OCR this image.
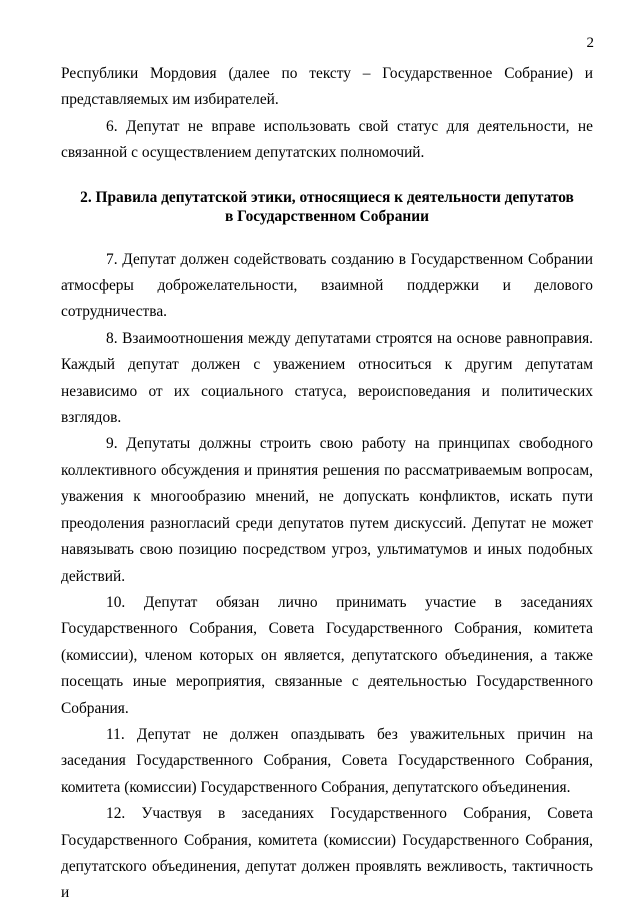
2

Республики Мордовия (далее по тексту – Государственное Собрание) и представляемых им избирателей.

6. Депутат не вправе использовать свой статус для деятельности, не связанной с осуществлением депутатских полномочий.

2. Правила депутатской этики, относящиеся к деятельности депутатов
в Государственном Собрании

7. Депутат должен содействовать созданию в Государственном Собрании атмосферы доброжелательности, взаимной поддержки и делового сотрудничества.

8. Взаимоотношения между депутатами строятся на основе равноправия. Каждый депутат должен с уважением относиться к другим депутатам независимо от их социального статуса, вероисповедания и политических взглядов.

9. Депутаты должны строить свою работу на принципах свободного коллективного обсуждения и принятия решения по рассматриваемым вопросам, уважения к многообразию мнений, не допускать конфликтов, искать пути преодоления разногласий среди депутатов путем дискуссий. Депутат не может навязывать свою позицию посредством угроз, ультиматумов и иных подобных действий.

10. Депутат обязан лично принимать участие в заседаниях Государственного Собрания, Совета Государственного Собрания, комитета (комиссии), членом которых он является, депутатского объединения, а также посещать иные мероприятия, связанные с деятельностью Государственного Собрания.

11. Депутат не должен опаздывать без уважительных причин на заседания Государственного Собрания, Совета Государственного Собрания, комитета (комиссии) Государственного Собрания, депутатского объединения.

12. Участвуя в заседаниях Государственного Собрания, Совета Государственного Собрания, комитета (комиссии) Государственного Собрания, депутатского объединения, депутат должен проявлять вежливость, тактичность и
